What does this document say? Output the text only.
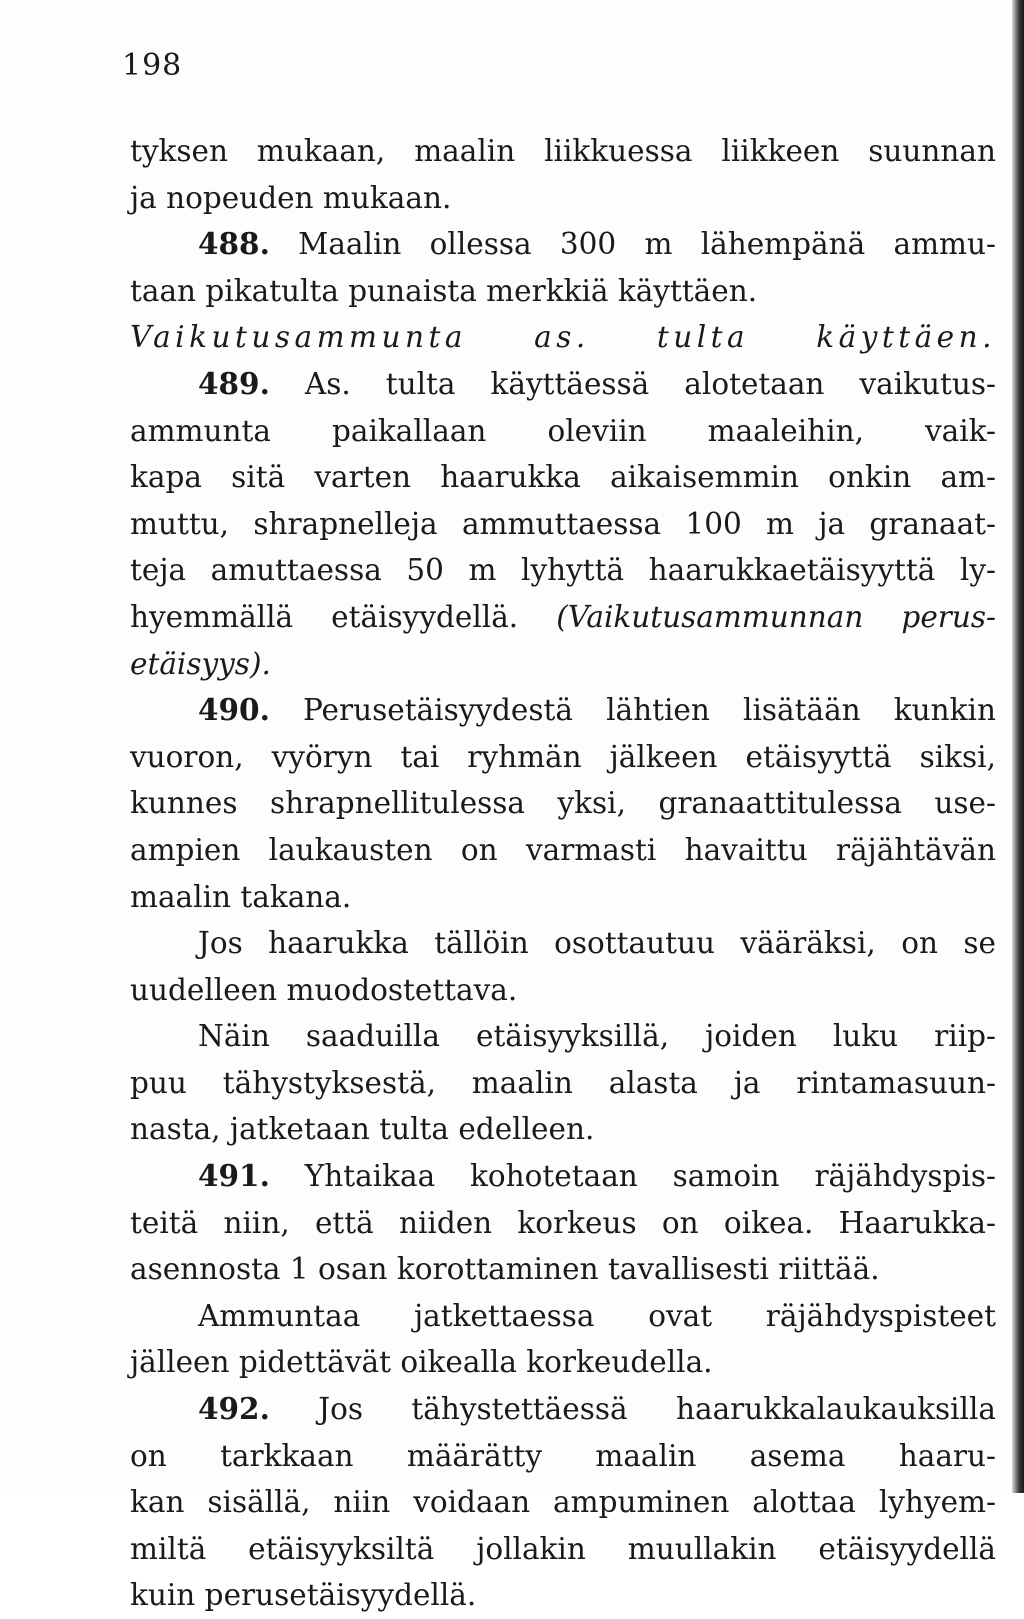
198

tyksen mukaan, maalin liikkuessa liikkeen suunnan
ja nopeuden mukaan.

488. Maalin ollessa 300 m lähempänä ammu-
taan pikatulta punaista merkkiä käyttäen.

Vaikutusammunta as. tulta käyttäen.

489. As. tulta käyttäessä alotetaan vaikutus-
ammunta paikallaan oleviin maaleihin, vaik-
kapa sitä varten haarukka aikaisemmin onkin am-
muttu, shrapnelleja ammuttaessa 100 m ja granaat-
teja amuttaessa 50 m lyhyttä haarukkaetäisyyttä ly-
hyemmällä etäisyydellä. (Vaikutusammunnan perus-
etäisyys).

490. Perusetäisyydestä lähtien lisätään kunkin
vuoron, vyöryn tai ryhmän jälkeen etäisyyttä siksi,
kunnes shrapnellitulessa yksi, granaattitulessa use-
ampien laukausten on varmasti havaittu räjähtävän
maalin takana.

Jos haarukka tällöin osottautuu vääräksi, on se
uudelleen muodostettava.

Näin saaduilla etäisyyksillä, joiden luku riip-
puu tähystyksestä, maalin alasta ja rintamasuun-
nasta, jatketaan tulta edelleen.

491. Yhtaikaa kohotetaan samoin räjähdyspis-
teitä niin, että niiden korkeus on oikea. Haarukka-
asennosta 1 osan korottaminen tavallisesti riittää.

Ammuntaa jatkettaessa ovat räjähdyspisteet
jälleen pidettävät oikealla korkeudella.

492. Jos tähystettäessä haarukkalaukauksilla
on tarkkaan määrätty maalin asema haaru-
kan sisällä, niin voidaan ampuminen alottaa lyhyem-
miltä etäisyyksiltä jollakin muullakin etäisyydellä
kuin perusetäisyydellä.
